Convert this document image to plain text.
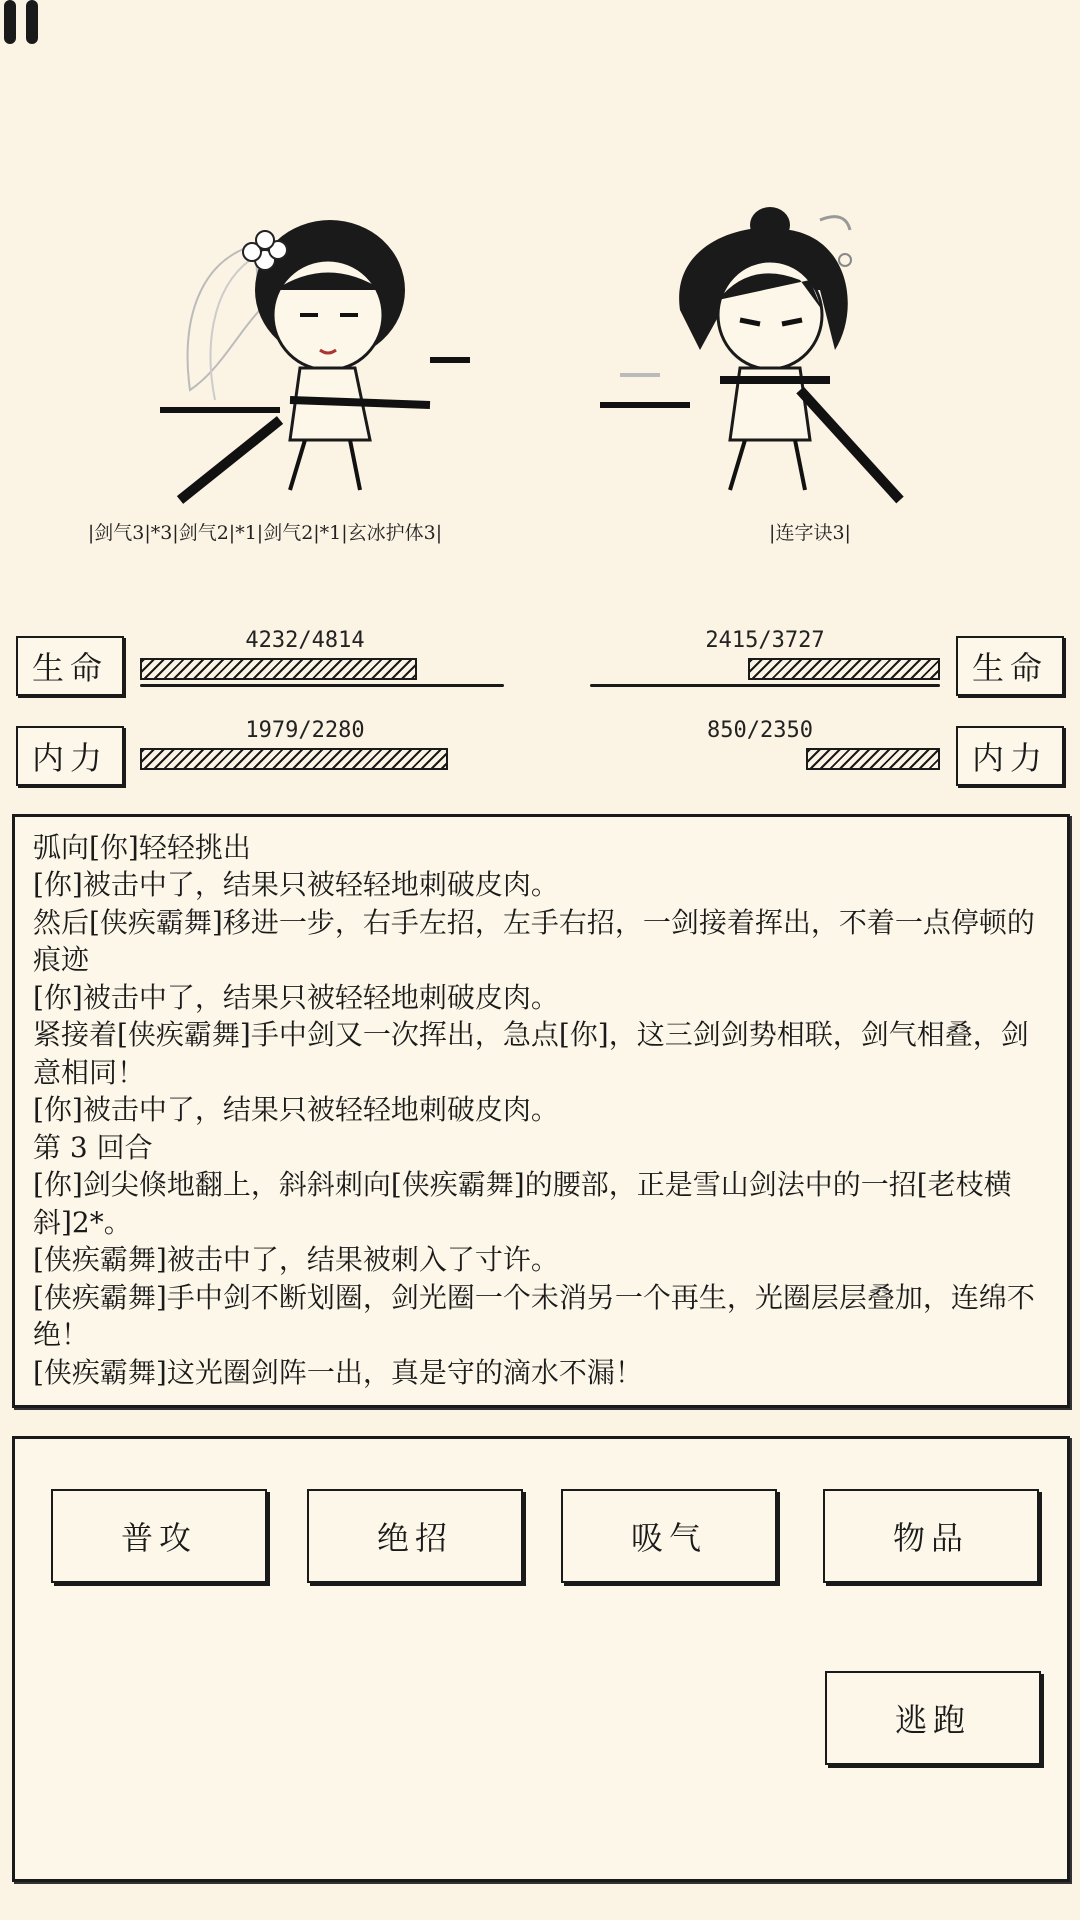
|剑气3|*3|剑气2|*1|剑气2|*1|玄冰护体3|	|连字诀3|
生命
4232/4814
内力
1979/2280
生命
2415/3727
内力
850/2350
弧向[你]轻轻挑出
[你]被击中了，结果只被轻轻地刺破皮肉。
然后[侠疾霸舞]移进一步，右手左招，左手右招，一剑接着挥出，不着一点停顿的痕迹
[你]被击中了，结果只被轻轻地刺破皮肉。
紧接着[侠疾霸舞]手中剑又一次挥出，急点[你]，这三剑剑势相联，剑气相叠，剑意相同！
[你]被击中了，结果只被轻轻地刺破皮肉。
第 3 回合
[你]剑尖倏地翻上，斜斜刺向[侠疾霸舞]的腰部，正是雪山剑法中的一招[老枝横斜]2*。
[侠疾霸舞]被击中了，结果被刺入了寸许。
[侠疾霸舞]手中剑不断划圈，剑光圈一个未消另一个再生，光圈层层叠加，连绵不绝！
[侠疾霸舞]这光圈剑阵一出，真是守的滴水不漏！
普攻	绝招	吸气	物品
逃跑
